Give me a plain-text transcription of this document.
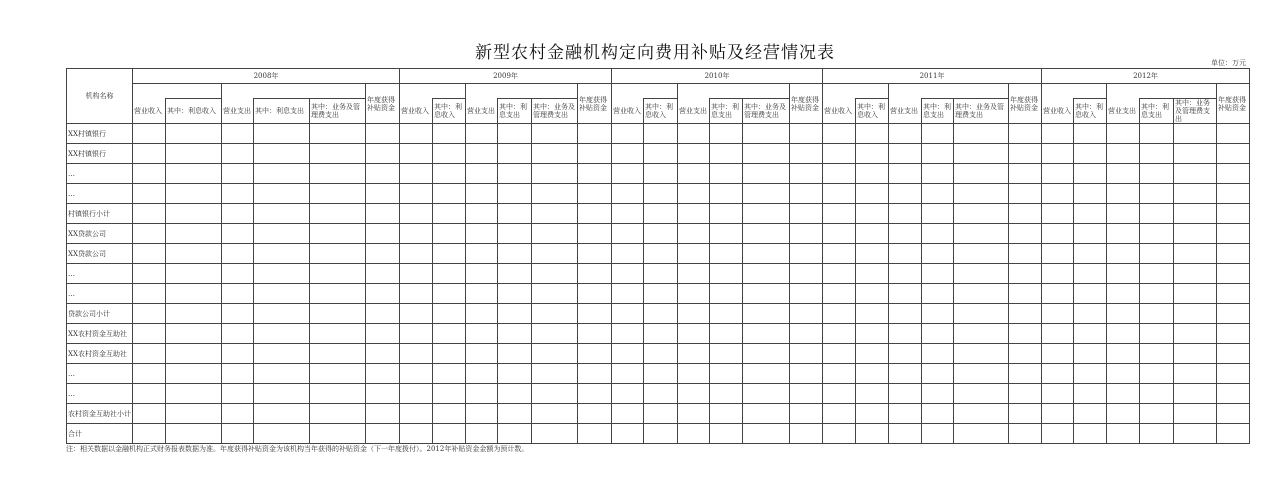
新型农村金融机构定向费用补贴及经营情况表	单位：万元
机构名称	2008年						2009年						2010年						2011年						2012年					
						年度获得补贴资金						年度获得补贴资金						年度获得补贴资金						年度获得补贴资金						年度获得补贴资金
	营业收入	其中：利息收入	营业支出	其中：利息支出	其中：业务及管理费支出		营业收入	其中：利息收入	营业支出	其中：利息支出	其中：业务及管理费支出		营业收入	其中：利息收入	营业支出	其中：利息支出	其中：业务及管理费支出		营业收入	其中：利息收入	营业支出	其中：利息支出	其中：业务及管理费支出		营业收入	其中：利息收入	营业支出	其中：利息支出	其中：业务及管理费支出	
XX村镇银行																														
XX村镇银行																														
…																														
…																														
村镇银行小计																														
XX贷款公司																														
XX贷款公司																														
…																														
…																														
贷款公司小计																														
XX农村资金互助社																														
XX农村资金互助社																														
…																														
…																														
农村资金互助社小计																														
合计																														
注：相关数据以金融机构正式财务报表数据为准。年度获得补贴资金为该机构当年获得的补贴资金（下一年度拨付）。2012年补贴资金金额为预计数。
